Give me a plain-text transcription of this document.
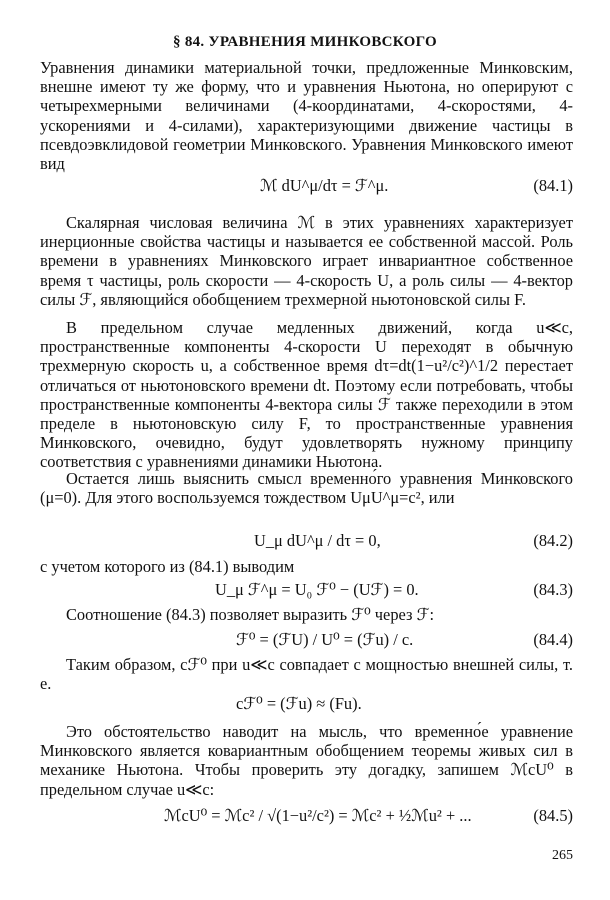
§ 84. УРАВНЕНИЯ МИНКОВСКОГО
Уравнения динамики материальной точки, предложенные Минковским, внешне имеют ту же форму, что и уравнения Ньютона, но оперируют с четырехмерными величинами (4-координатами, 4-скоростями, 4-ускорениями и 4-силами), характеризующими движение частицы в псевдоэвклидовой геометрии Минковского. Уравнения Минковского имеют вид
ℳ dU^μ/dτ = ℱ^μ.	(84.1)
Скалярная числовая величина ℳ в этих уравнениях характеризует инерционные свойства частицы и называется ее собственной массой. Роль времени в уравнениях Минковского играет инвариантное собственное время τ частицы, роль скорости — 4-скорость U, а роль силы — 4-вектор силы ℱ, являющийся обобщением трехмерной ньютоновской силы F.
В предельном случае медленных движений, когда u≪c, пространственные компоненты 4-скорости U переходят в обычную трехмерную скорость u, а собственное время dτ=dt(1−u²/c²)^1/2 перестает отличаться от ньютоновского времени dt. Поэтому если потребовать, чтобы пространственные компоненты 4-вектора силы ℱ также переходили в этом пределе в ньютоновскую силу F, то пространственные уравнения Минковского, очевидно, будут удовлетворять нужному принципу соответствия с уравнениями динамики Ньютона.
Остается лишь выяснить смысл временно́го уравнения Минковского (μ=0). Для этого воспользуемся тождеством UμU^μ=c², или
U_μ dU^μ / dτ = 0,	(84.2)
с учетом которого из (84.1) выводим
U_μ ℱ^μ = U₀ ℱ⁰ − (Uℱ) = 0.	(84.3)
Соотношение (84.3) позволяет выразить ℱ⁰ через ℱ:
ℱ⁰ = (ℱU) / U⁰ = (ℱu) / c.	(84.4)
Таким образом, cℱ⁰ при u≪c совпадает с мощностью внешней силы, т. е.
cℱ⁰ = (ℱu) ≈ (Fu).
Это обстоятельство наводит на мысль, что временно́е уравнение Минковского является ковариантным обобщением теоремы живых сил в механике Ньютона. Чтобы проверить эту догадку, запишем ℳcU⁰ в предельном случае u≪c:
ℳcU⁰ = ℳc² / √(1−u²/c²) = ℳc² + ½ℳu² + ...	(84.5)
265
